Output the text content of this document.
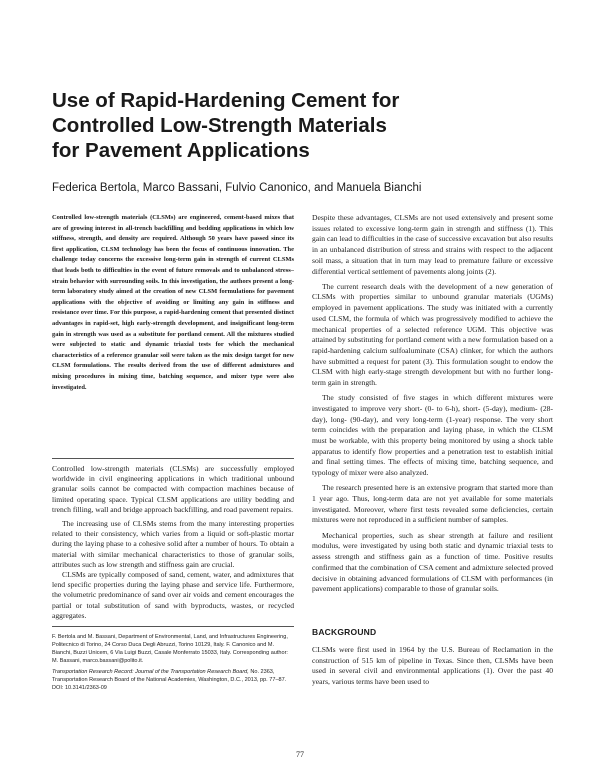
Use of Rapid-Hardening Cement for
Controlled Low-Strength Materials
for Pavement Applications
Federica Bertola, Marco Bassani, Fulvio Canonico, and Manuela Bianchi
Controlled low-strength materials (CLSMs) are engineered, cement-based mixes that are of growing interest in all-trench backfilling and bedding applications in which low stiffness, strength, and density are required. Although 50 years have passed since its first application, CLSM technology has been the focus of continuous innovation. The challenge today concerns the excessive long-term gain in strength of current CLSMs that leads both to difficulties in the event of future removals and to unbalanced stress–strain behavior with surrounding soils. In this investigation, the authors present a long-term laboratory study aimed at the creation of new CLSM formulations for pavement applications with the objective of avoiding or limiting any gain in stiffness and resistance over time. For this purpose, a rapid-hardening cement that presented distinct advantages in rapid-set, high early-strength development, and insignificant long-term gain in strength was used as a substitute for portland cement. All the mixtures studied were subjected to static and dynamic triaxial tests for which the mechanical characteristics of a reference granular soil were taken as the mix design target for new CLSM formulations. The results derived from the use of different admixtures and mixing procedures in mixing time, batching sequence, and mixer type were also investigated.

Controlled low-strength materials (CLSMs) are successfully employed worldwide in civil engineering applications in which traditional unbound granular soils cannot be compacted with compaction machines because of limited operating space. Typical CLSM applications are utility bedding and trench filling, wall and bridge approach backfilling, and road pavement repairs.

The increasing use of CLSMs stems from the many interesting properties related to their consistency, which varies from a liquid or soft-plastic mortar during the laying phase to a cohesive solid after a number of hours. To obtain a material with similar mechanical characteristics to those of granular soils, attributes such as low strength and stiffness gain are crucial.

CLSMs are typically composed of sand, cement, water, and admixtures that lend specific properties during the laying phase and service life. Furthermore, the volumetric predominance of sand over air voids and cement encourages the partial or total substitution of sand with byproducts, wastes, or recycled aggregates.

F. Bertola and M. Bassani, Department of Environmental, Land, and Infrastructures Engineering, Politecnico di Torino, 24 Corso Duca Degli Abruzzi, Torino 10129, Italy. F. Canonico and M. Bianchi, Buzzi Unicem, 6 Via Luigi Buzzi, Casale Monferrato 15033, Italy. Corresponding author: M. Bassani, marco.bassani@polito.it.

Transportation Research Record: Journal of the Transportation Research Board, No. 2363, Transportation Research Board of the National Academies, Washington, D.C., 2013, pp. 77–87.
DOI: 10.3141/2363-09

Despite these advantages, CLSMs are not used extensively and present some issues related to excessive long-term gain in strength and stiffness (1). This gain can lead to difficulties in the case of successive excavation but also results in an unbalanced distribution of stress and strains with respect to the adjacent soil mass, a situation that in turn may lead to premature failure or excessive differential vertical settlement of pavements along joints (2).

The current research deals with the development of a new generation of CLSMs with properties similar to unbound granular materials (UGMs) employed in pavement applications. The study was initiated with a currently used CLSM, the formula of which was progressively modified to achieve the mechanical properties of a selected reference UGM. This objective was attained by substituting for portland cement with a new formulation based on a rapid-hardening calcium sulfoaluminate (CSA) clinker, for which the authors have submitted a request for patent (3). This formulation sought to endow the CLSM with high early-stage strength development but with no further long-term gain in strength.

The study consisted of five stages in which different mixtures were investigated to improve very short- (0- to 6-h), short- (5-day), medium- (28-day), long- (90-day), and very long-term (1-year) response. The very short term coincides with the preparation and laying phase, in which the CLSM must be workable, with this property being monitored by using a shock table apparatus to identify flow properties and a penetration test to establish initial and final setting times. The effects of mixing time, batching sequence, and typology of mixer were also analyzed.

The research presented here is an extensive program that started more than 1 year ago. Thus, long-term data are not yet available for some materials investigated. Moreover, where first tests revealed some deficiencies, certain mixtures were not reproduced in a sufficient number of samples.

Mechanical properties, such as shear strength at failure and resilient modulus, were investigated by using both static and dynamic triaxial tests to assess strength and stiffness gain as a function of time. Positive results confirmed that the combination of CSA cement and admixture selected proved decisive in obtaining advanced formulations of CLSM with performances (in pavement applications) comparable to those of granular soils.

BACKGROUND

CLSMs were first used in 1964 by the U.S. Bureau of Reclamation in the construction of 515 km of pipeline in Texas. Since then, CLSMs have been used in several civil and environmental applications (1). Over the past 40 years, various terms have been used to

77
